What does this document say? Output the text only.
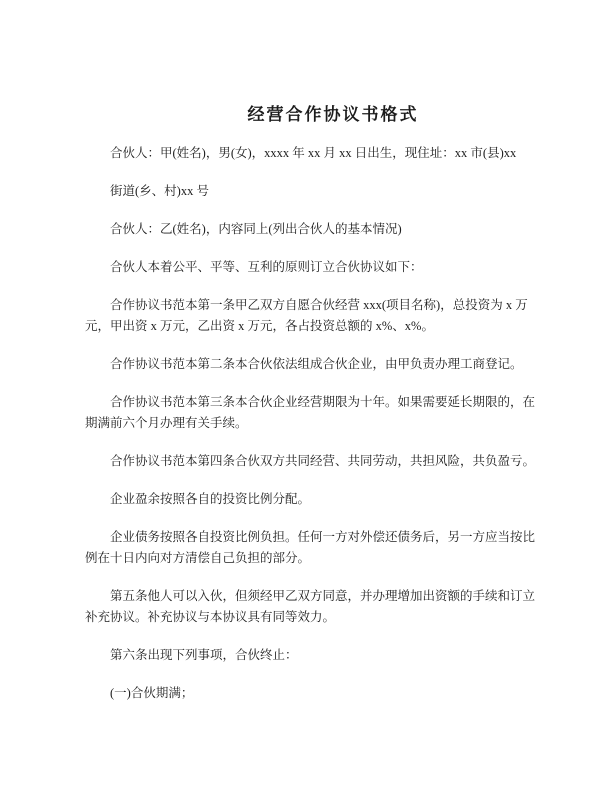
经营合作协议书格式
合伙人：甲(姓名)，男(女)，xxxx 年 xx 月 xx 日出生，现住址：xx 市(县)xx
街道(乡、村)xx 号
合伙人：乙(姓名)，内容同上(列出合伙人的基本情况)
合伙人本着公平、平等、互利的原则订立合伙协议如下：
合作协议书范本第一条甲乙双方自愿合伙经营 xxx(项目名称)，总投资为 x 万
元，甲出资 x 万元，乙出资 x 万元，各占投资总额的 x%、x%。
合作协议书范本第二条本合伙依法组成合伙企业，由甲负责办理工商登记。
合作协议书范本第三条本合伙企业经营期限为十年。如果需要延长期限的，在
期满前六个月办理有关手续。
合作协议书范本第四条合伙双方共同经营、共同劳动，共担风险，共负盈亏。
企业盈余按照各自的投资比例分配。
企业债务按照各自投资比例负担。任何一方对外偿还债务后，另一方应当按比
例在十日内向对方清偿自己负担的部分。
第五条他人可以入伙，但须经甲乙双方同意，并办理增加出资额的手续和订立
补充协议。补充协议与本协议具有同等效力。
第六条出现下列事项，合伙终止：
(一)合伙期满；
